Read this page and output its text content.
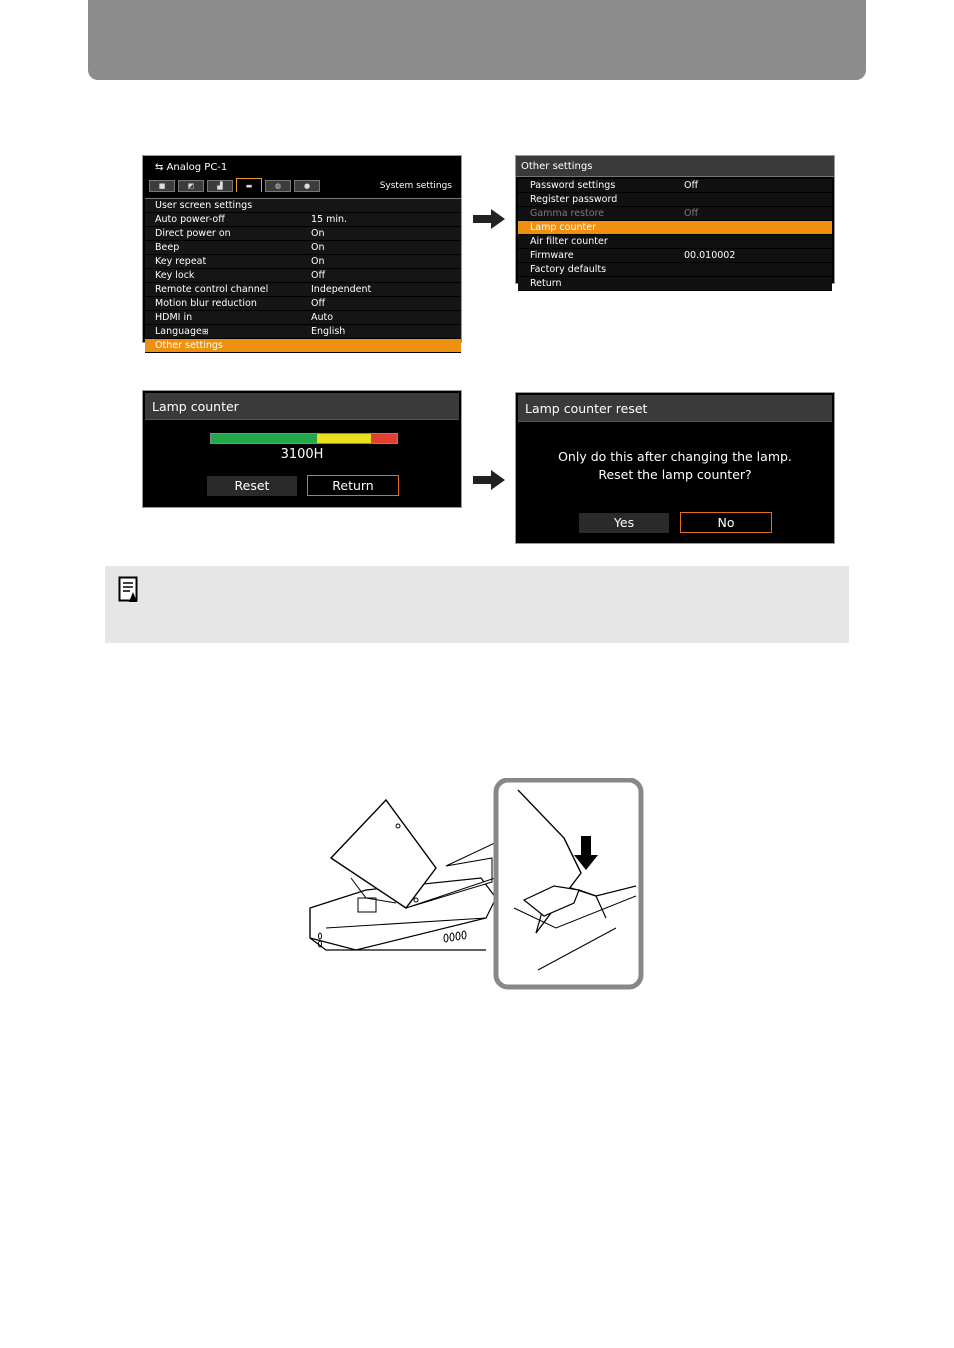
⇆ Analog PC-1
■	◩	▟	▬	◍	●	System settings
User screen settings
Auto power-off	15 min.
Direct power on	On
Beep	On
Key repeat	On
Key lock	Off
Remote control channel	Independent
Motion blur reduction	Off
HDMI in	Auto
Language⊞	English
Other settings
Other settings
Password settings	Off
Register password
Gamma restore	Off
Lamp counter
Air filter counter
Firmware	00.010002
Factory defaults
Return
Lamp counter
3100H
Reset	Return
Lamp counter reset
Only do this after changing the lamp.
Reset the lamp counter?
Yes	No
